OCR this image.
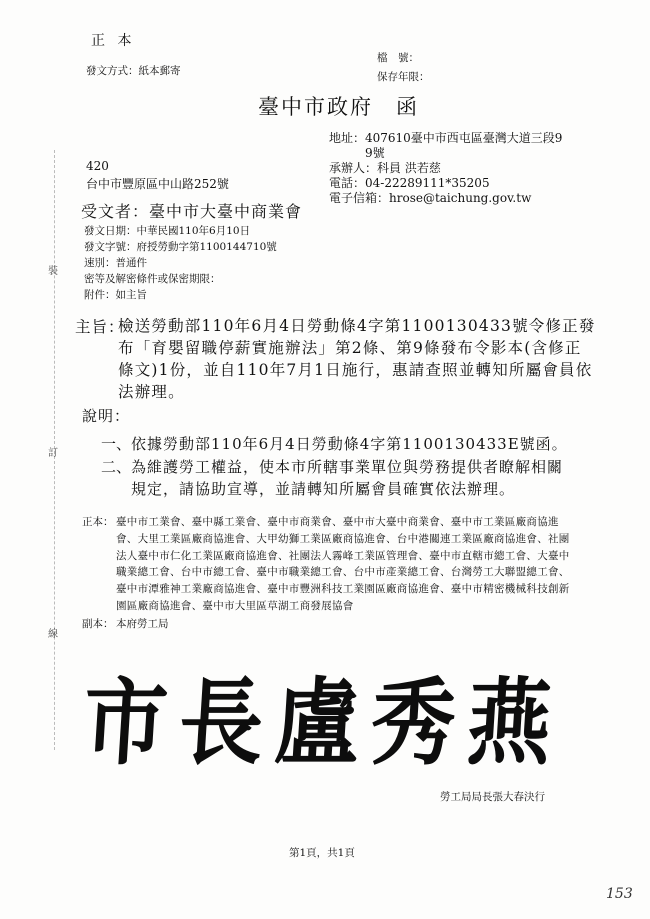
裝
訂
線
正 本
發文方式：紙本郵寄
檔　號：
保存年限：
臺中市政府　函
地址：407610臺中市西屯區臺灣大道三段9
9號
承辦人：科員 洪若慈
電話：04-22289111*35205
電子信箱：hrose@taichung.gov.tw
420
台中市豐原區中山路252號
受文者：臺中市大臺中商業會
發文日期：中華民國110年6月10日
發文字號：府授勞動字第1100144710號
速別：普通件
密等及解密條件或保密期限：
附件：如主旨
主旨：
檢送勞動部110年6月4日勞動條4字第1100130433號令修正發布「育嬰留職停薪實施辦法」第2條、第9條發布令影本(含修正條文)1份，並自110年7月1日施行，惠請查照並轉知所屬會員依法辦理。
說明：
一、 依據勞動部110年6月4日勞動條4字第1100130433E號函。
二、 為維護勞工權益，使本市所轄事業單位與勞務提供者瞭解相關規定，請協助宣導，並請轉知所屬會員確實依法辦理。
正本： 臺中市工業會、臺中縣工業會、臺中市商業會、臺中市大臺中商業會、臺中市工業區廠商協進會、大里工業區廠商協進會、大甲幼獅工業區廠商協進會、台中港關連工業區廠商協進會、社團法人臺中市仁化工業區廠商協進會、社團法人霧峰工業區管理會、臺中市直轄市總工會、大臺中職業總工會、台中市總工會、臺中市職業總工會、台中市產業總工會、台灣勞工大聯盟總工會、臺中市潭雅神工業廠商協進會、臺中市豐洲科技工業園區廠商協進會、臺中市精密機械科技創新園區廠商協進會、臺中市大里區草湖工商發展協會
副本： 本府勞工局
市長盧秀燕
勞工局局長張大春決行
第1頁，共1頁
153
